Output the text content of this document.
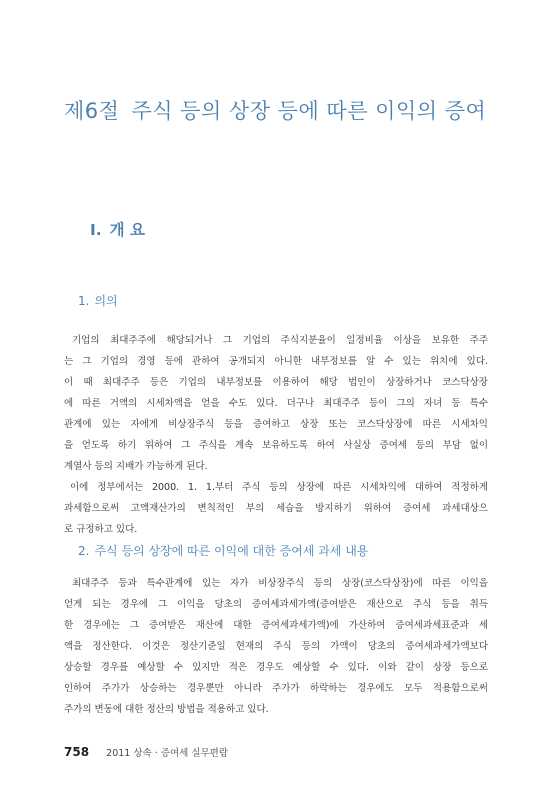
제6절 주식 등의 상장 등에 따른 이익의 증여
Ⅰ. 개 요
1. 의의

기업의 최대주주에 해당되거나 그 기업의 주식지분율이 일정비율 이상을 보유한 주주

는 그 기업의 경영 등에 관하여 공개되지 아니한 내부정보를 알 수 있는 위치에 있다.

이 때 최대주주 등은 기업의 내부정보를 이용하여 해당 법인이 상장하거나 코스닥상장

에 따른 거액의 시세차액을 얻을 수도 있다. 더구나 최대주주 등이 그의 자녀 등 특수

관계에 있는 자에게 비상장주식 등을 증여하고 상장 또는 코스닥상장에 따른 시세차익

을 얻도록 하기 위하여 그 주식을 계속 보유하도록 하여 사실상 증여세 등의 부담 없이

계열사 등의 지배가 가능하게 된다.

이에 정부에서는 2000. 1. 1.부터 주식 등의 상장에 따른 시세차익에 대하여 적정하게

과세함으로써 고액재산가의 변칙적인 부의 세습을 방지하기 위하여 증여세 과세대상으

로 규정하고 있다.

2. 주식 등의 상장에 따른 이익에 대한 증여세 과세 내용

최대주주 등과 특수관계에 있는 자가 비상장주식 등의 상장(코스닥상장)에 따른 이익을

얻게 되는 경우에 그 이익을 당초의 증여세과세가액(증여받은 재산으로 주식 등을 취득

한 경우에는 그 증여받은 재산에 대한 증여세과세가액)에 가산하여 증여세과세표준과 세

액을 정산한다. 이것은 정산기준일 현재의 주식 등의 가액이 당초의 증여세과세가액보다

상승할 경우를 예상할 수 있지만 적은 경우도 예상할 수 있다. 이와 같이 상장 등으로

인하여 주가가 상승하는 경우뿐만 아니라 주가가 하락하는 경우에도 모두 적용함으로써

주가의 변동에 대한 정산의 방법을 적용하고 있다.

758 2011 상속 · 증여세 실무편람
